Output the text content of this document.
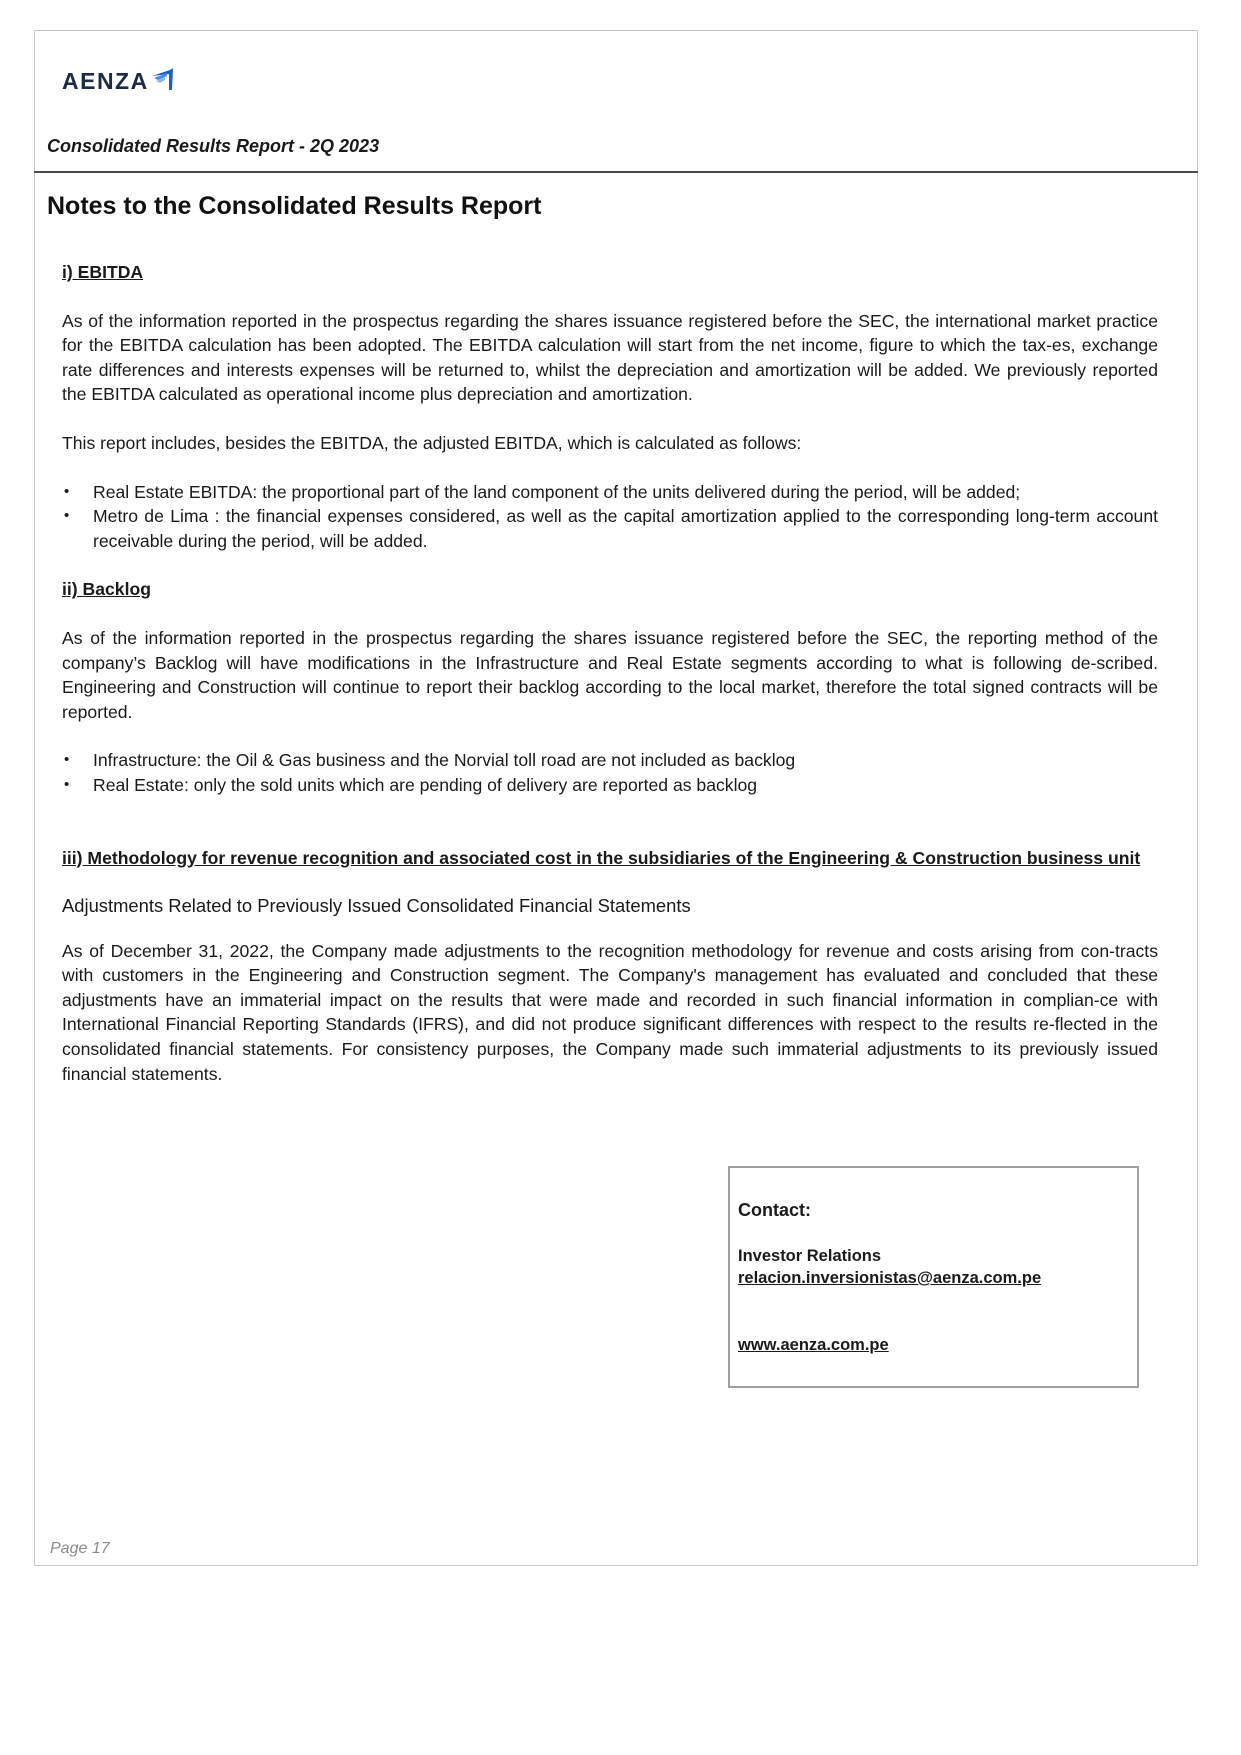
AENZA
Consolidated Results Report - 2Q 2023
Notes to the Consolidated Results Report

i) EBITDA

As of the information reported in the prospectus regarding the shares issuance registered before the SEC, the international market practice for the EBITDA calculation has been adopted. The EBITDA calculation will start from the net income, figure to which the tax-es, exchange rate differences and interests expenses will be returned to, whilst the depreciation and amortization will be added. We previously reported the EBITDA calculated as operational income plus depreciation and amortization.

This report includes, besides the EBITDA, the adjusted EBITDA, which is calculated as follows:

• Real Estate EBITDA: the proportional part of the land component of the units delivered during the period, will be added;
• Metro de Lima : the financial expenses considered, as well as the capital amortization applied to the corresponding long-term account receivable during the period, will be added.

ii) Backlog

As of the information reported in the prospectus regarding the shares issuance registered before the SEC, the reporting method of the company’s Backlog will have modifications in the Infrastructure and Real Estate segments according to what is following de-scribed. Engineering and Construction will continue to report their backlog according to the local market, therefore the total signed contracts will be reported.

• Infrastructure: the Oil & Gas business and the Norvial toll road are not included as backlog
• Real Estate: only the sold units which are pending of delivery are reported as backlog

iii) Methodology for revenue recognition and associated cost in the subsidiaries of the Engineering & Construction business unit

Adjustments Related to Previously Issued Consolidated Financial Statements

As of December 31, 2022, the Company made adjustments to the recognition methodology for revenue and costs arising from con-tracts with customers in the Engineering and Construction segment. The Company's management has evaluated and concluded that these adjustments have an immaterial impact on the results that were made and recorded in such financial information in complian-ce with International Financial Reporting Standards (IFRS), and did not produce significant differences with respect to the results re-flected in the consolidated financial statements. For consistency purposes, the Company made such immaterial adjustments to its previously issued financial statements.

Contact:
Investor Relations
relacion.inversionistas@aenza.com.pe
www.aenza.com.pe
Page 17
